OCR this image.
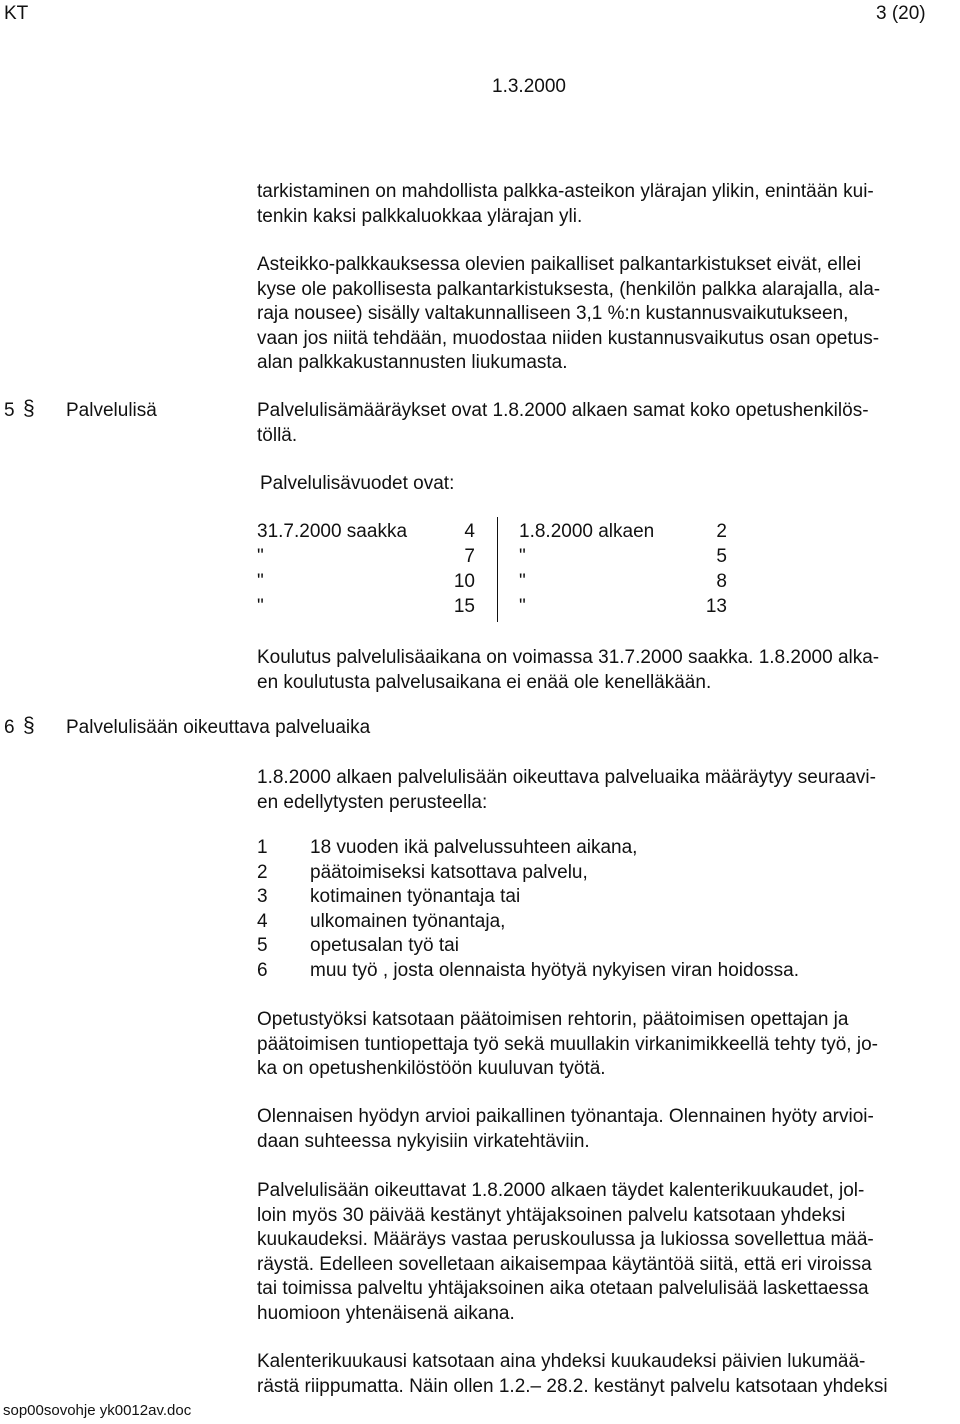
KT	3 (20)
1.3.2000
tarkistaminen on mahdollista palkka-asteikon ylärajan ylikin, enintään kui-
tenkin kaksi palkkaluokkaa ylärajan yli.
Asteikko-palkkauksessa olevien paikalliset palkantarkistukset eivät, ellei
kyse ole pakollisesta palkantarkistuksesta, (henkilön palkka alarajalla, ala-
raja nousee) sisälly valtakunnalliseen 3,1 %:n kustannusvaikutukseen,
vaan jos niitä tehdään, muodostaa niiden kustannusvaikutus osan opetus-
alan palkkakustannusten liukumasta.
5 § Palvelulisä	Palvelulisämääräykset ovat 1.8.2000 alkaen samat koko opetushenkilös-
töllä.
Palvelulisävuodet ovat:
31.7.2000 saakka	4 1.8.2000 alkaen	2
"	7 "	5
"	10 "	8
"	15 "	13
Koulutus palvelulisäaikana on voimassa 31.7.2000 saakka. 1.8.2000 alka-
en koulutusta palvelusaikana ei enää ole kenelläkään.
6 § Palvelulisään oikeuttava palveluaika
1.8.2000 alkaen palvelulisään oikeuttava palveluaika määräytyy seuraavi-
en edellytysten perusteella:
1 18 vuoden ikä palvelussuhteen aikana,
2 päätoimiseksi katsottava palvelu,
3 kotimainen työnantaja tai
4 ulkomainen työnantaja,
5 opetusalan työ tai
6 muu työ , josta olennaista hyötyä nykyisen viran hoidossa.
Opetustyöksi katsotaan päätoimisen rehtorin, päätoimisen opettajan ja
päätoimisen tuntiopettaja työ sekä muullakin virkanimikkeellä tehty työ, jo-
ka on opetushenkilöstöön kuuluvan työtä.
Olennaisen hyödyn arvioi paikallinen työnantaja. Olennainen hyöty arvioi-
daan suhteessa nykyisiin virkatehtäviin.
Palvelulisään oikeuttavat 1.8.2000 alkaen täydet kalenterikuukaudet, jol-
loin myös 30 päivää kestänyt yhtäjaksoinen palvelu katsotaan yhdeksi
kuukaudeksi. Määräys vastaa peruskoulussa ja lukiossa sovellettua mää-
räystä. Edelleen sovelletaan aikaisempaa käytäntöä siitä, että eri viroissa
tai toimissa palveltu yhtäjaksoinen aika otetaan palvelulisää laskettaessa
huomioon yhtenäisenä aikana.
Kalenterikuukausi katsotaan aina yhdeksi kuukaudeksi päivien lukumää-
rästä riippumatta. Näin ollen 1.2.– 28.2. kestänyt palvelu katsotaan yhdeksi
sop00sovohje yk0012av.doc
